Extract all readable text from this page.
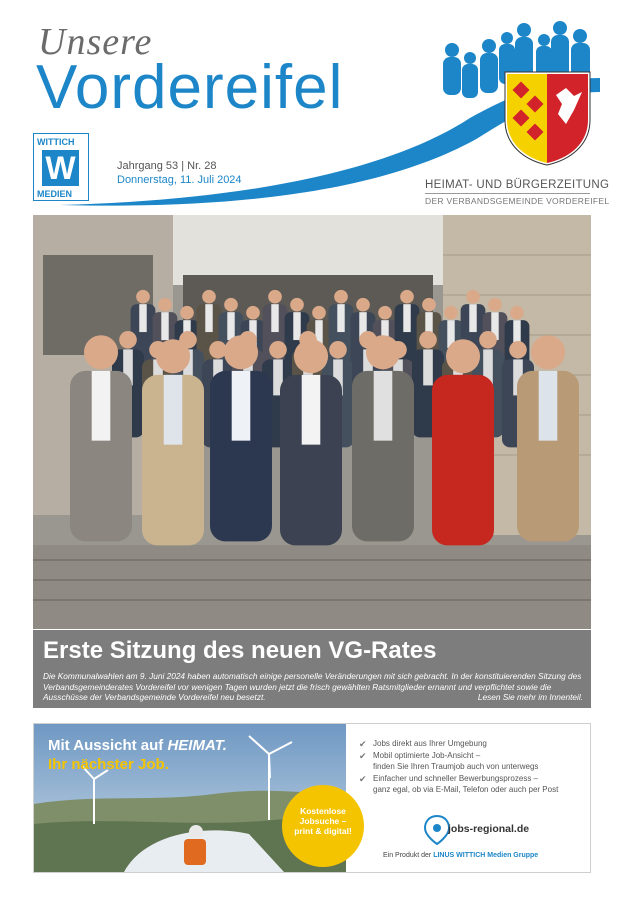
Unsere
Vordereifel
WITTICH
W
MEDIEN
Jahrgang 53 | Nr. 28
Donnerstag, 11. Juli 2024	HEIMAT- UND BÜRGERZEITUNG
DER VERBANDSGEMEINDE VORDEREIFEL
Erste Sitzung des neuen VG-Rates
Die Kommunalwahlen am 9. Juni 2024 haben automatisch einige personelle Veränderungen mit sich gebracht. In der konstituierenden Sitzung des Verbandsgemeinderates Vordereifel vor wenigen Tagen wurden jetzt die frisch gewählten Ratsmitglieder ernannt und verpflichtet sowie die Ausschüsse der Verbandsgemeinde Vordereifel neu besetzt.	Lesen Sie mehr im Innenteil.
Mit Aussicht auf HEIMAT.
Ihr nächster Job.
Kostenlose
Jobsuche –
print & digital!
✔ Jobs direkt aus Ihrer Umgebung
✔ Mobil optimierte Job-Ansicht –
finden Sie Ihren Traumjob auch von unterwegs
✔ Einfacher und schneller Bewerbungsprozess –
ganz egal, ob via E-Mail, Telefon oder auch per Post
jobs-regional.de
Ein Produkt der LINUS WITTICH Medien Gruppe
